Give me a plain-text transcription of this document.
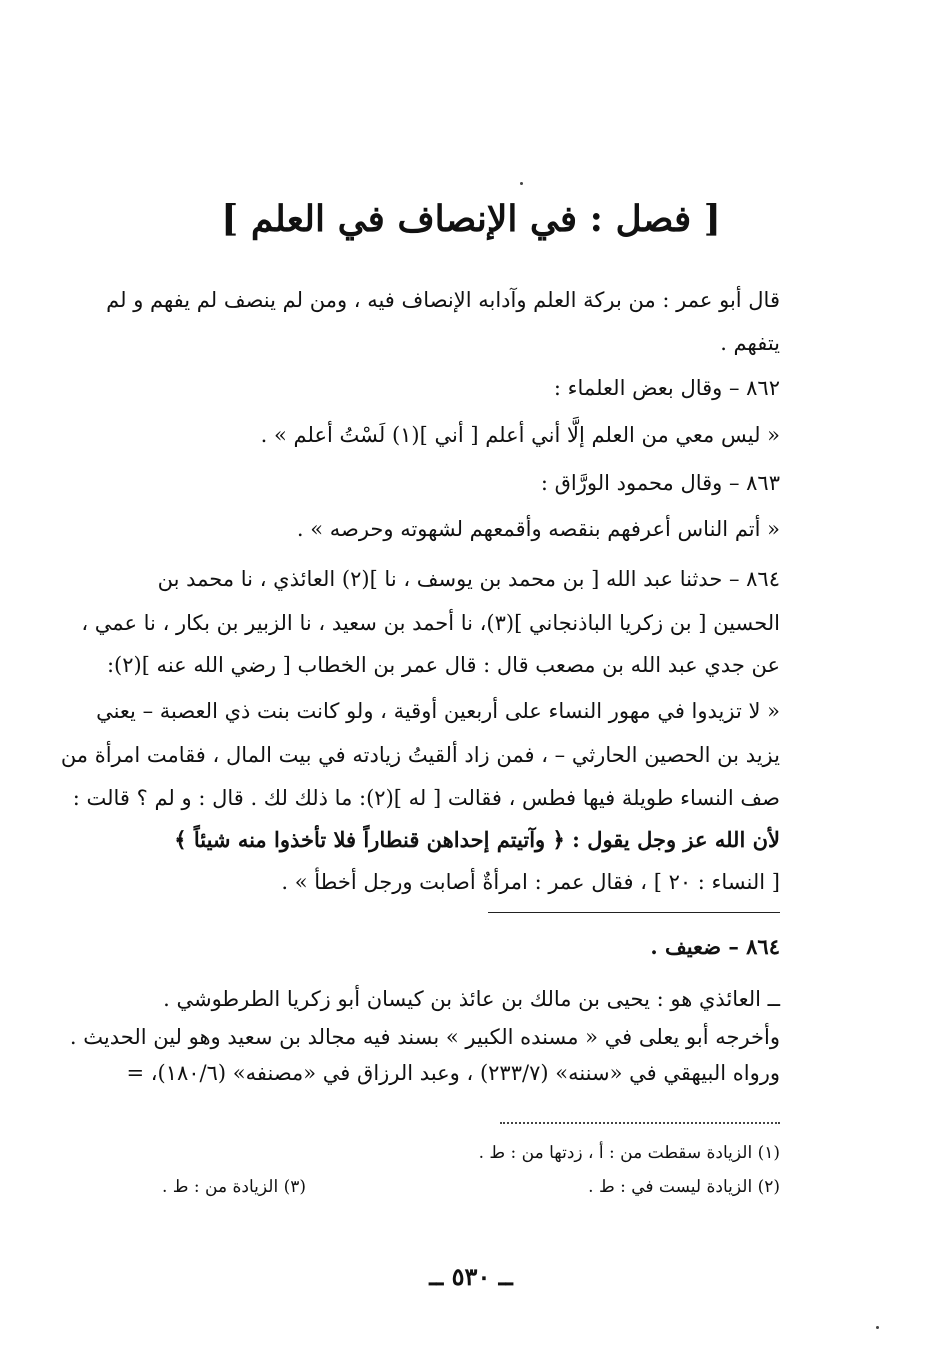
[ فصل : في الإنصاف في العلم ]
قال أبو عمر : من بركة العلم وآدابه الإنصاف فيه ، ومن لم ينصف لم يفهم و لم
يتفهم .
٨٦٢ – وقال بعض العلماء :
« ليس معي من العلم إلَّا أني أعلم [ أني ](١) لَسْتُ أعلم » .
٨٦٣ – وقال محمود الورَّاق :
« أتم الناس أعرفهم بنقصه وأقمعهم لشهوته وحرصه » .
٨٦٤ – حدثنا عبد الله [ بن محمد بن يوسف ، نا ](٢) العائذي ، نا محمد بن
الحسين [ بن زكريا الباذنجاني ](٣)، نا أحمد بن سعيد ، نا الزبير بن بكار ، نا عمي ،
عن جدي عبد الله بن مصعب قال : قال عمر بن الخطاب [ رضي الله عنه ](٢):
« لا تزيدوا في مهور النساء على أربعين أوقية ، ولو كانت بنت ذي العصبة – يعني
يزيد بن الحصين الحارثي – ، فمن زاد ألقيتُ زيادته في بيت المال ، فقامت امرأة من
صف النساء طويلة فيها فطس ، فقالت [ له ](٢): ما ذلك لك . قال : و لم ؟ قالت :
لأن الله عز وجل يقول : ﴿ وآتيتم إحداهن قنطاراً فلا تأخذوا منه شيئاً ﴾
[ النساء : ٢٠ ] ، فقال عمر : امرأةٌ أصابت ورجل أخطأ » .
٨٦٤ – ضعيف .
ــ العائذي هو : يحيى بن مالك بن عائذ بن كيسان أبو زكريا الطرطوشي .
وأخرجه أبو يعلى في « مسنده الكبير » بسند فيه مجالد بن سعيد وهو لين الحديث .
ورواه البيهقي في «سننه» (٢٣٣/٧) ، وعبد الرزاق في «مصنفه» (١٨٠/٦)، =
(١) الزيادة سقطت من : أ ، زدتها من : ط .
(٢) الزيادة ليست في : ط .
(٣) الزيادة من : ط .
ــ ٥٣٠ ــ
